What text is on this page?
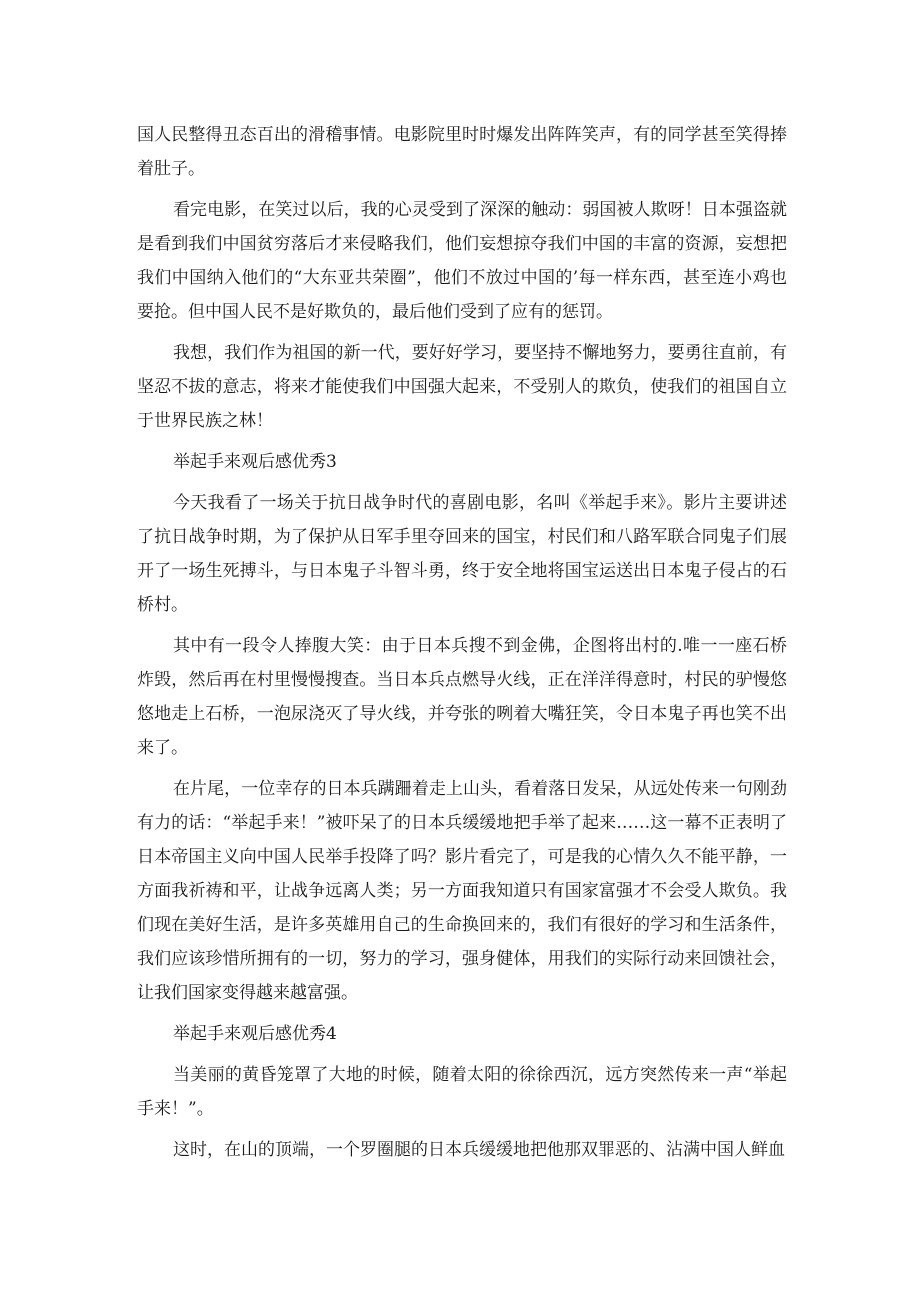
国人民整得丑态百出的滑稽事情。电影院里时时爆发出阵阵笑声，有的同学甚至笑得捧着肚子。

看完电影，在笑过以后，我的心灵受到了深深的触动：弱国被人欺呀！日本强盗就是看到我们中国贫穷落后才来侵略我们，他们妄想掠夺我们中国的丰富的资源，妄想把我们中国纳入他们的“大东亚共荣圈”，他们不放过中国的’每一样东西，甚至连小鸡也要抢。但中国人民不是好欺负的，最后他们受到了应有的惩罚。

我想，我们作为祖国的新一代，要好好学习，要坚持不懈地努力，要勇往直前，有坚忍不拔的意志，将来才能使我们中国强大起来，不受别人的欺负，使我们的祖国自立于世界民族之林！

举起手来观后感优秀3

今天我看了一场关于抗日战争时代的喜剧电影，名叫《举起手来》。影片主要讲述了抗日战争时期，为了保护从日军手里夺回来的国宝，村民们和八路军联合同鬼子们展开了一场生死搏斗，与日本鬼子斗智斗勇，终于安全地将国宝运送出日本鬼子侵占的石桥村。

其中有一段令人捧腹大笑：由于日本兵搜不到金佛，企图将出村的.唯一一座石桥炸毁，然后再在村里慢慢搜查。当日本兵点燃导火线，正在洋洋得意时，村民的驴慢悠悠地走上石桥，一泡尿浇灭了导火线，并夸张的咧着大嘴狂笑，令日本鬼子再也笑不出来了。

在片尾，一位幸存的日本兵蹒跚着走上山头，看着落日发呆，从远处传来一句刚劲有力的话：“举起手来！”被吓呆了的日本兵缓缓地把手举了起来……这一幕不正表明了日本帝国主义向中国人民举手投降了吗？影片看完了，可是我的心情久久不能平静，一方面我祈祷和平，让战争远离人类；另一方面我知道只有国家富强才不会受人欺负。我们现在美好生活，是许多英雄用自己的生命换回来的，我们有很好的学习和生活条件，我们应该珍惜所拥有的一切，努力的学习，强身健体，用我们的实际行动来回馈社会，让我们国家变得越来越富强。

举起手来观后感优秀4

当美丽的黄昏笼罩了大地的时候，随着太阳的徐徐西沉，远方突然传来一声“举起手来！”。

这时，在山的顶端，一个罗圈腿的日本兵缓缓地把他那双罪恶的、沾满中国人鲜血
